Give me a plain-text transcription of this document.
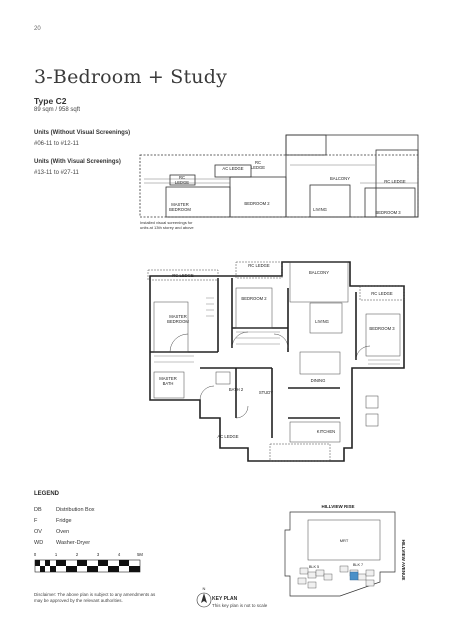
20
3-Bedroom + Study
Type C2
89 sqm / 958 sqft
Units (Without Visual Screenings)
#06-11 to #12-11
Units (With Visual Screenings)
#13-11 to #27-11
AC LEDGE
RC
LEDGE
RC
LEDGE
BALCONY
RC LEDGE
BEDROOM 2
LIVING
BEDROOM 3
MASTER
BEDROOM
Installed visual screenings for
units at 13th storey and above
RC LEDGE
RC LEDGE
BALCONY
RC LEDGE
MASTER
BEDROOM
BEDROOM 2
LIVING
BEDROOM 3
MASTER
BATH
BATH 2
STUDY
DINING
KITCHEN
AC LEDGE
LEGEND
DB	Distribution Box
F	Fridge
OV	Oven
WD Washer-Dryer
0	1	2	3	4	5M
Disclaimer: The above plan is subject to any amendments as may be approved by the relevant authorities.
HILLVIEW RISE
HILLVIEW AVENUE
MRT
BLK 5	BLK 7
N
KEY PLAN
This key plan is not to scale
